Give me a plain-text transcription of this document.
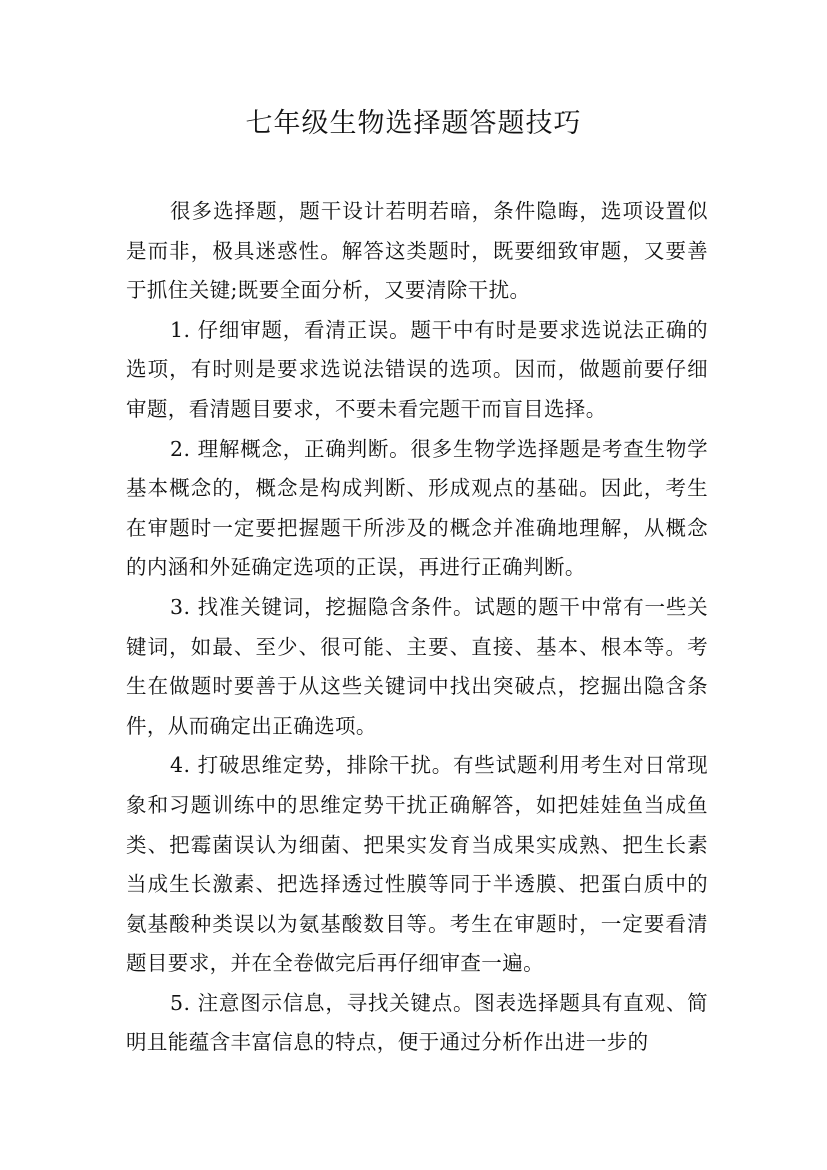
七年级生物选择题答题技巧

很多选择题，题干设计若明若暗，条件隐晦，选项设置似是而非，极具迷惑性。解答这类题时，既要细致审题，又要善于抓住关键;既要全面分析，又要清除干扰。

1. 仔细审题，看清正误。题干中有时是要求选说法正确的选项，有时则是要求选说法错误的选项。因而，做题前要仔细审题，看清题目要求，不要未看完题干而盲目选择。

2. 理解概念，正确判断。很多生物学选择题是考查生物学基本概念的，概念是构成判断、形成观点的基础。因此，考生在审题时一定要把握题干所涉及的概念并准确地理解，从概念的内涵和外延确定选项的正误，再进行正确判断。

3. 找准关键词，挖掘隐含条件。试题的题干中常有一些关键词，如最、至少、很可能、主要、直接、基本、根本等。考生在做题时要善于从这些关键词中找出突破点，挖掘出隐含条件，从而确定出正确选项。

4. 打破思维定势，排除干扰。有些试题利用考生对日常现象和习题训练中的思维定势干扰正确解答，如把娃娃鱼当成鱼类、把霉菌误认为细菌、把果实发育当成果实成熟、把生长素当成生长激素、把选择透过性膜等同于半透膜、把蛋白质中的氨基酸种类误以为氨基酸数目等。考生在审题时，一定要看清题目要求，并在全卷做完后再仔细审查一遍。

5. 注意图示信息，寻找关键点。图表选择题具有直观、简明且能蕴含丰富信息的特点，便于通过分析作出进一步的
